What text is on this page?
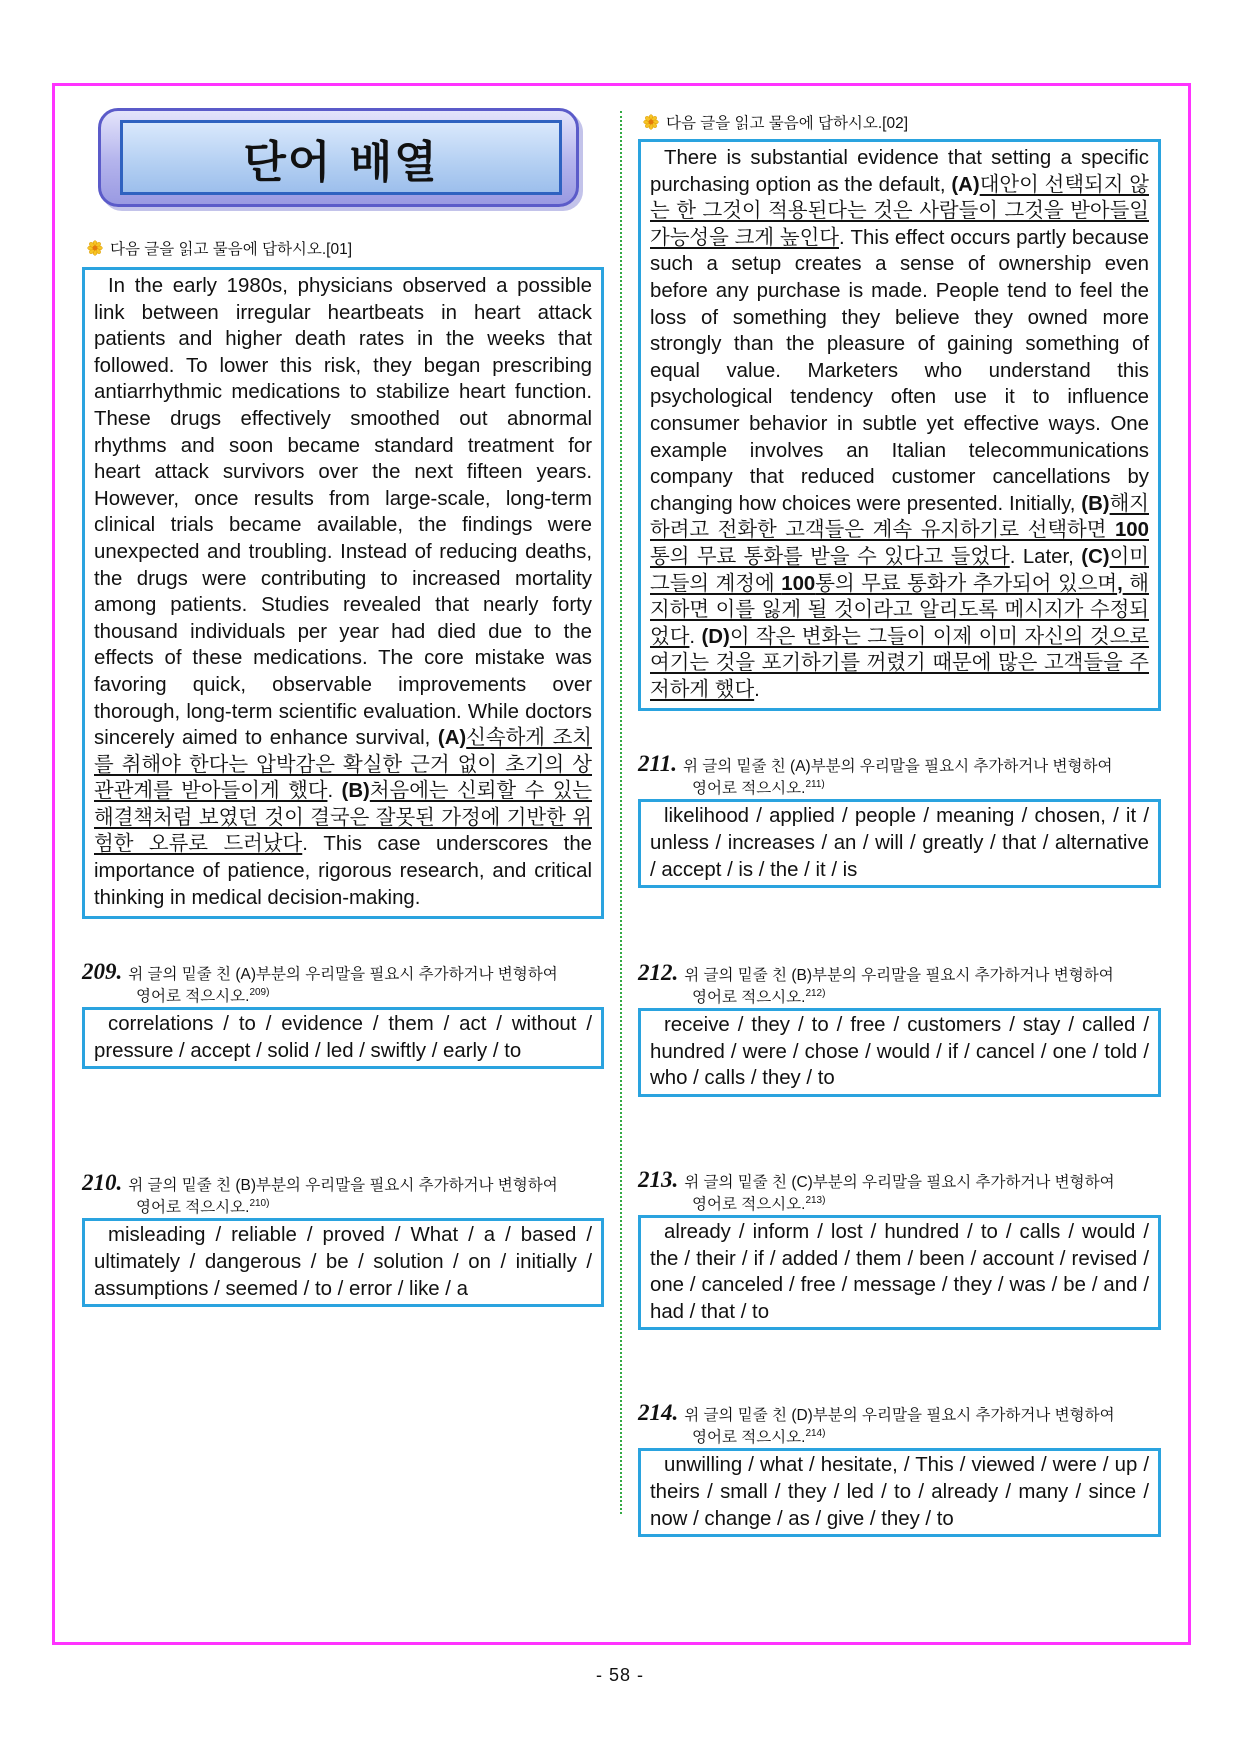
단어 배열
다음 글을 읽고 물음에 답하시오.[01]
In the early 1980s, physicians observed a possible link between irregular heartbeats in heart attack patients and higher death rates in the weeks that followed. To lower this risk, they began prescribing antiarrhythmic medications to stabilize heart function. These drugs effectively smoothed out abnormal rhythms and soon became standard treatment for heart attack survivors over the next fifteen years. However, once results from large-scale, long-term clinical trials became available, the findings were unexpected and troubling. Instead of reducing deaths, the drugs were contributing to increased mortality among patients. Studies revealed that nearly forty thousand individuals per year had died due to the effects of these medications. The core mistake was favoring quick, observable improvements over thorough, long-term scientific evaluation. While doctors sincerely aimed to enhance survival, (A)신속하게 조치를 취해야 한다는 압박감은 확실한 근거 없이 초기의 상관관계를 받아들이게 했다. (B)처음에는 신뢰할 수 있는 해결책처럼 보였던 것이 결국은 잘못된 가정에 기반한 위험한 오류로 드러났다. This case underscores the importance of patience, rigorous research, and critical thinking in medical decision-making.
209. 위 글의 밑줄 친 (A)부분의 우리말을 필요시 추가하거나 변형하여
영어로 적으시오.$^{209)}$
correlations / to / evidence / them / act / without / pressure / accept / solid / led / swiftly / early / to
210. 위 글의 밑줄 친 (B)부분의 우리말을 필요시 추가하거나 변형하여
영어로 적으시오.$^{210)}$
misleading / reliable / proved / What / a / based / ultimately / dangerous / be / solution / on / initially / assumptions / seemed / to / error / like / a
다음 글을 읽고 물음에 답하시오.[02]
There is substantial evidence that setting a specific purchasing option as the default, (A)대안이 선택되지 않는 한 그것이 적용된다는 것은 사람들이 그것을 받아들일 가능성을 크게 높인다. This effect occurs partly because such a setup creates a sense of ownership even before any purchase is made. People tend to feel the loss of something they believe they owned more strongly than the pleasure of gaining something of equal value. Marketers who understand this psychological tendency often use it to influence consumer behavior in subtle yet effective ways. One example involves an Italian telecommunications company that reduced customer cancellations by changing how choices were presented. Initially, (B)해지하려고 전화한 고객들은 계속 유지하기로 선택하면 100통의 무료 통화를 받을 수 있다고 들었다. Later, (C)이미 그들의 계정에 100통의 무료 통화가 추가되어 있으며, 해지하면 이를 잃게 될 것이라고 알리도록 메시지가 수정되었다. (D)이 작은 변화는 그들이 이제 이미 자신의 것으로 여기는 것을 포기하기를 꺼렸기 때문에 많은 고객들을 주저하게 했다.
211. 위 글의 밑줄 친 (A)부분의 우리말을 필요시 추가하거나 변형하여
영어로 적으시오.$^{211)}$
likelihood / applied / people / meaning / chosen, / it / unless / increases / an / will / greatly / that / alternative / accept / is / the / it / is
212. 위 글의 밑줄 친 (B)부분의 우리말을 필요시 추가하거나 변형하여
영어로 적으시오.$^{212)}$
receive / they / to / free / customers / stay / called / hundred / were / chose / would / if / cancel / one / told / who / calls / they / to
213. 위 글의 밑줄 친 (C)부분의 우리말을 필요시 추가하거나 변형하여
영어로 적으시오.$^{213)}$
already / inform / lost / hundred / to / calls / would / the / their / if / added / them / been / account / revised / one / canceled / free / message / they / was / be / and / had / that / to
214. 위 글의 밑줄 친 (D)부분의 우리말을 필요시 추가하거나 변형하여
영어로 적으시오.$^{214)}$
unwilling / what / hesitate, / This / viewed / were / up / theirs / small / they / led / to / already / many / since / now / change / as / give / they / to
- 58 -
